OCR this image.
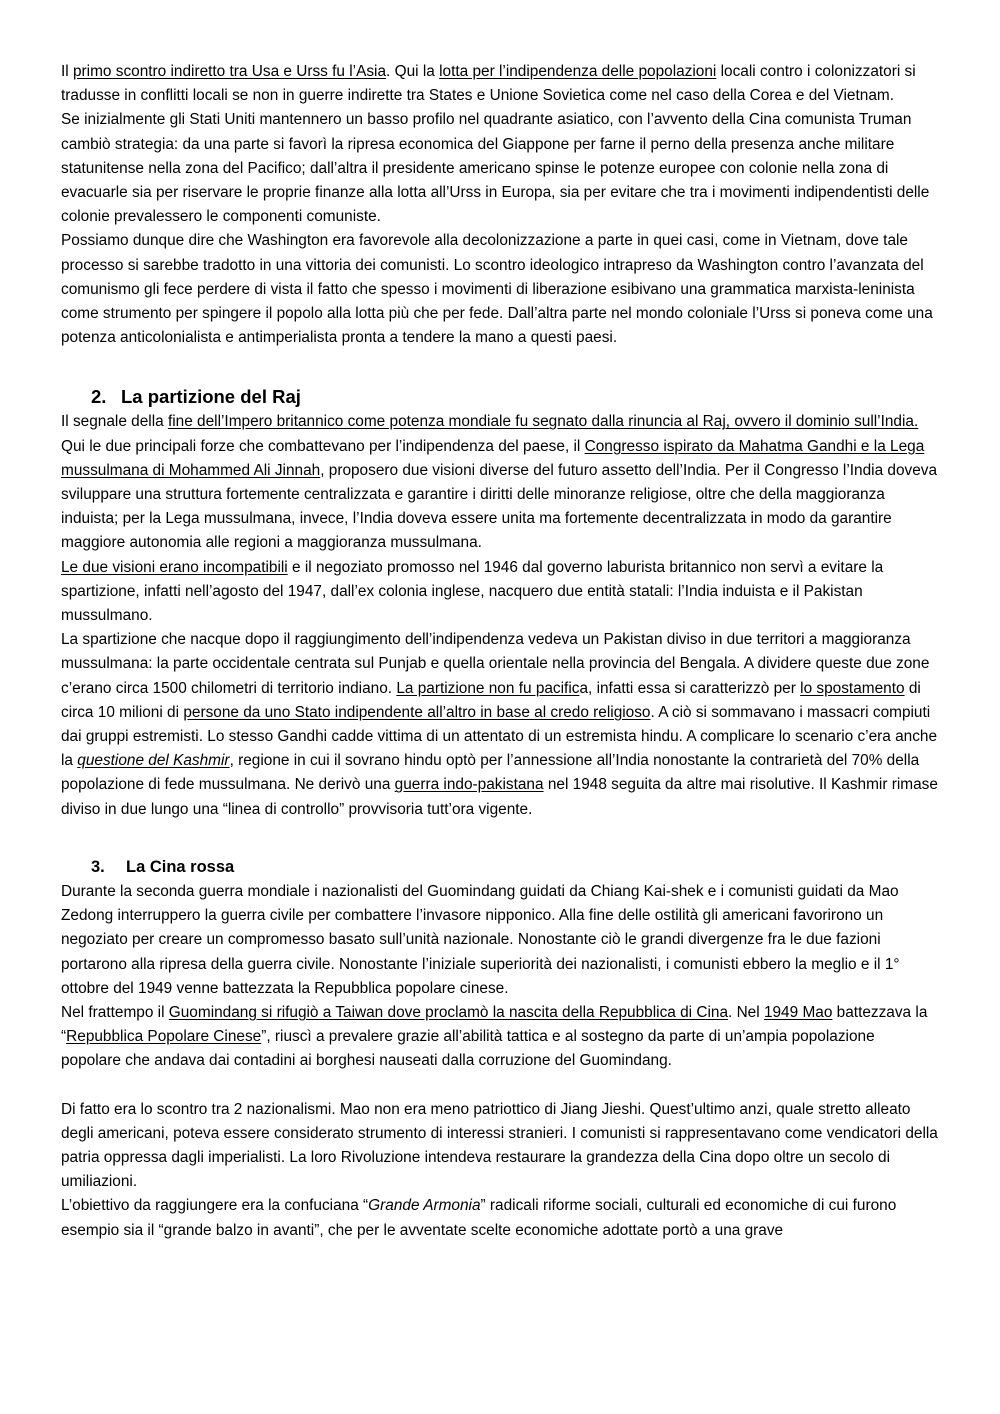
Il primo scontro indiretto tra Usa e Urss fu l’Asia. Qui la lotta per l’indipendenza delle popolazioni locali contro i colonizzatori si tradusse in conflitti locali se non in guerre indirette tra States e Unione Sovietica come nel caso della Corea e del Vietnam.

Se inizialmente gli Stati Uniti mantennero un basso profilo nel quadrante asiatico, con l’avvento della Cina comunista Truman cambiò strategia: da una parte si favorì la ripresa economica del Giappone per farne il perno della presenza anche militare statunitense nella zona del Pacifico; dall’altra il presidente americano spinse le potenze europee con colonie nella zona di evacuarle sia per riservare le proprie finanze alla lotta all’Urss in Europa, sia per evitare che tra i movimenti indipendentisti delle colonie prevalessero le componenti comuniste.

Possiamo dunque dire che Washington era favorevole alla decolonizzazione a parte in quei casi, come in Vietnam, dove tale processo si sarebbe tradotto in una vittoria dei comunisti. Lo scontro ideologico intrapreso da Washington contro l’avanzata del comunismo gli fece perdere di vista il fatto che spesso i movimenti di liberazione esibivano una grammatica marxista-leninista come strumento per spingere il popolo alla lotta più che per fede. Dall’altra parte nel mondo coloniale l’Urss si poneva come una potenza anticolonialista e antimperialista pronta a tendere la mano a questi paesi.

2. La partizione del Raj

Il segnale della fine dell’Impero britannico come potenza mondiale fu segnato dalla rinuncia al Raj, ovvero il dominio sull’India. Qui le due principali forze che combattevano per l’indipendenza del paese, il Congresso ispirato da Mahatma Gandhi e la Lega mussulmana di Mohammed Ali Jinnah, proposero due visioni diverse del futuro assetto dell’India. Per il Congresso l’India doveva sviluppare una struttura fortemente centralizzata e garantire i diritti delle minoranze religiose, oltre che della maggioranza induista; per la Lega mussulmana, invece, l’India doveva essere unita ma fortemente decentralizzata in modo da garantire maggiore autonomia alle regioni a maggioranza mussulmana.

Le due visioni erano incompatibili e il negoziato promosso nel 1946 dal governo laburista britannico non servì a evitare la spartizione, infatti nell’agosto del 1947, dall’ex colonia inglese, nacquero due entità statali: l’India induista e il Pakistan mussulmano.

La spartizione che nacque dopo il raggiungimento dell’indipendenza vedeva un Pakistan diviso in due territori a maggioranza mussulmana: la parte occidentale centrata sul Punjab e quella orientale nella provincia del Bengala. A dividere queste due zone c’erano circa 1500 chilometri di territorio indiano. La partizione non fu pacifica, infatti essa si caratterizzò per lo spostamento di circa 10 milioni di persone da uno Stato indipendente all’altro in base al credo religioso. A ciò si sommavano i massacri compiuti dai gruppi estremisti. Lo stesso Gandhi cadde vittima di un attentato di un estremista hindu. A complicare lo scenario c’era anche la questione del Kashmir, regione in cui il sovrano hindu optò per l’annessione all’India nonostante la contrarietà del 70% della popolazione di fede mussulmana. Ne derivò una guerra indo-pakistana nel 1948 seguita da altre mai risolutive. Il Kashmir rimase diviso in due lungo una “linea di controllo” provvisoria tutt’ora vigente.

3.	La Cina rossa

Durante la seconda guerra mondiale i nazionalisti del Guomindang guidati da Chiang Kai-shek e i comunisti guidati da Mao Zedong interruppero la guerra civile per combattere l’invasore nipponico. Alla fine delle ostilità gli americani favorirono un negoziato per creare un compromesso basato sull’unità nazionale. Nonostante ciò le grandi divergenze fra le due fazioni portarono alla ripresa della guerra civile. Nonostante l’iniziale superiorità dei nazionalisti, i comunisti ebbero la meglio e il 1° ottobre del 1949 venne battezzata la Repubblica popolare cinese.

Nel frattempo il Guomindang si rifugiò a Taiwan dove proclamò la nascita della Repubblica di Cina. Nel 1949 Mao battezzava la “Repubblica Popolare Cinese”, riuscì a prevalere grazie all’abilità tattica e al sostegno da parte di un’ampia popolazione popolare che andava dai contadini ai borghesi nauseati dalla corruzione del Guomindang.

Di fatto era lo scontro tra 2 nazionalismi. Mao non era meno patriottico di Jiang Jieshi. Quest’ultimo anzi, quale stretto alleato degli americani, poteva essere considerato strumento di interessi stranieri. I comunisti si rappresentavano come vendicatori della patria oppressa dagli imperialisti. La loro Rivoluzione intendeva restaurare la grandezza della Cina dopo oltre un secolo di umiliazioni.

L’obiettivo da raggiungere era la confuciana “Grande Armonia” radicali riforme sociali, culturali ed economiche di cui furono esempio sia il “grande balzo in avanti”, che per le avventate scelte economiche adottate portò a una grave
